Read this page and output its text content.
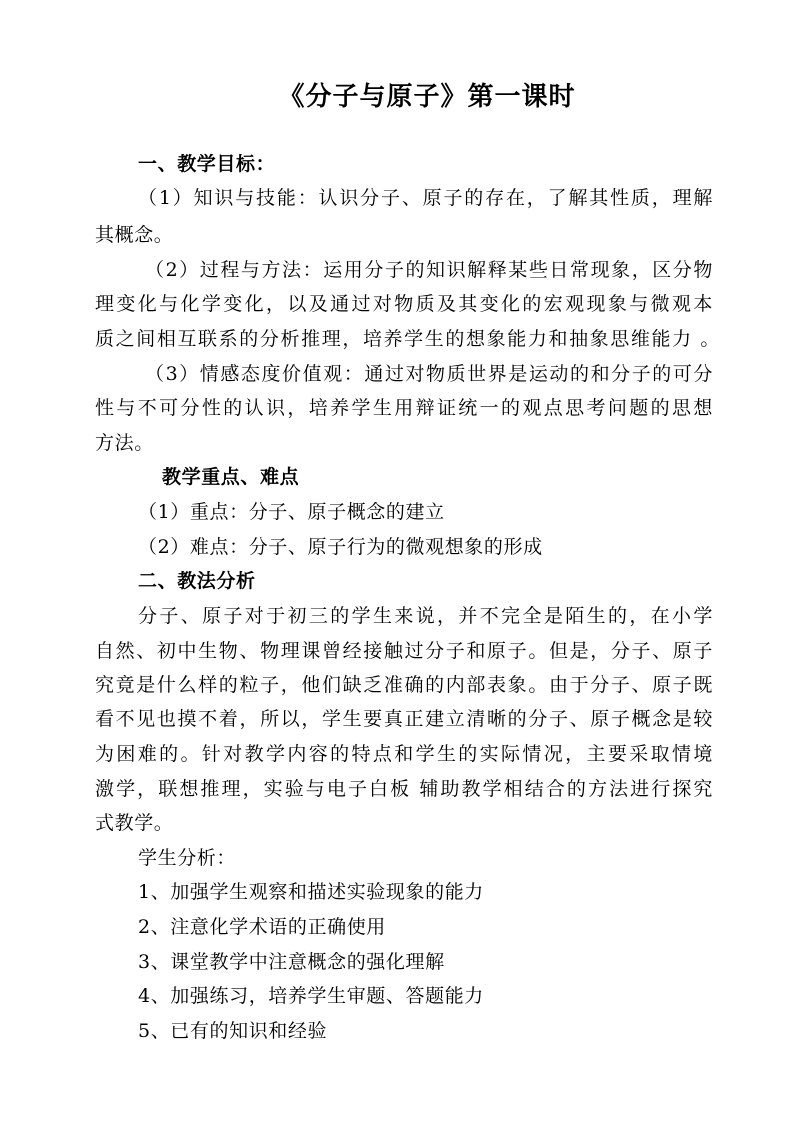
《分子与原子》第一课时
一、教学目标：
（1）知识与技能：认识分子、原子的存在，了解其性质，理解
其概念。
（2）过程与方法：运用分子的知识解释某些日常现象，区分物
理变化与化学变化，以及通过对物质及其变化的宏观现象与微观本
质之间相互联系的分析推理，培养学生的想象能力和抽象思维能力 。
（3）情感态度价值观：通过对物质世界是运动的和分子的可分
性与不可分性的认识，培养学生用辩证统一的观点思考问题的思想
方法。
教学重点、难点
（1）重点：分子、原子概念的建立
（2）难点：分子、原子行为的微观想象的形成
二、教法分析
分子、原子对于初三的学生来说，并不完全是陌生的，在小学
自然、初中生物、物理课曾经接触过分子和原子。但是，分子、原子
究竟是什么样的粒子，他们缺乏准确的内部表象。由于分子、原子既
看不见也摸不着，所以，学生要真正建立清晰的分子、原子概念是较
为困难的。针对教学内容的特点和学生的实际情况，主要采取情境
激学，联想推理，实验与电子白板 辅助教学相结合的方法进行探究
式教学。
学生分析：
1、加强学生观察和描述实验现象的能力
2、注意化学术语的正确使用
3、课堂教学中注意概念的强化理解
4、加强练习，培养学生审题、答题能力
5、已有的知识和经验
